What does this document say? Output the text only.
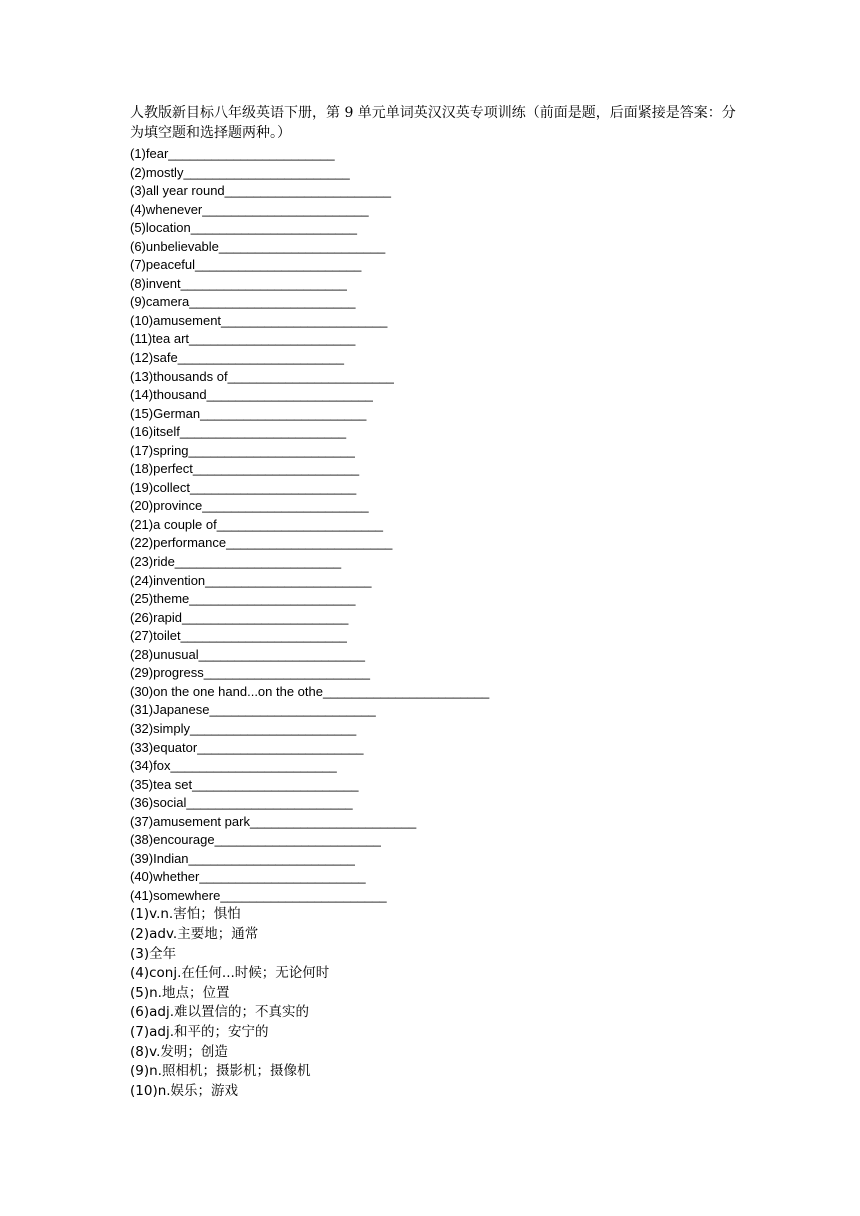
人教版新目标八年级英语下册，第 9 单元单词英汉汉英专项训练（前面是题，后面紧接是答案：分为填空题和选择题两种。）
(1)fear_______________________
(2)mostly_______________________
(3)all year round_______________________
(4)whenever_______________________
(5)location_______________________
(6)unbelievable_______________________
(7)peaceful_______________________
(8)invent_______________________
(9)camera_______________________
(10)amusement_______________________
(11)tea art_______________________
(12)safe_______________________
(13)thousands of_______________________
(14)thousand_______________________
(15)German_______________________
(16)itself_______________________
(17)spring_______________________
(18)perfect_______________________
(19)collect_______________________
(20)province_______________________
(21)a couple of_______________________
(22)performance_______________________
(23)ride_______________________
(24)invention_______________________
(25)theme_______________________
(26)rapid_______________________
(27)toilet_______________________
(28)unusual_______________________
(29)progress_______________________
(30)on the one hand...on the othe_______________________
(31)Japanese_______________________
(32)simply_______________________
(33)equator_______________________
(34)fox_______________________
(35)tea set_______________________
(36)social_______________________
(37)amusement park_______________________
(38)encourage_______________________
(39)Indian_______________________
(40)whether_______________________
(41)somewhere_______________________
(1)v.n.害怕；惧怕
(2)adv.主要地；通常
(3)全年
(4)conj.在任何...时候；无论何时
(5)n.地点；位置
(6)adj.难以置信的；不真实的
(7)adj.和平的；安宁的
(8)v.发明；创造
(9)n.照相机；摄影机；摄像机
(10)n.娱乐；游戏
